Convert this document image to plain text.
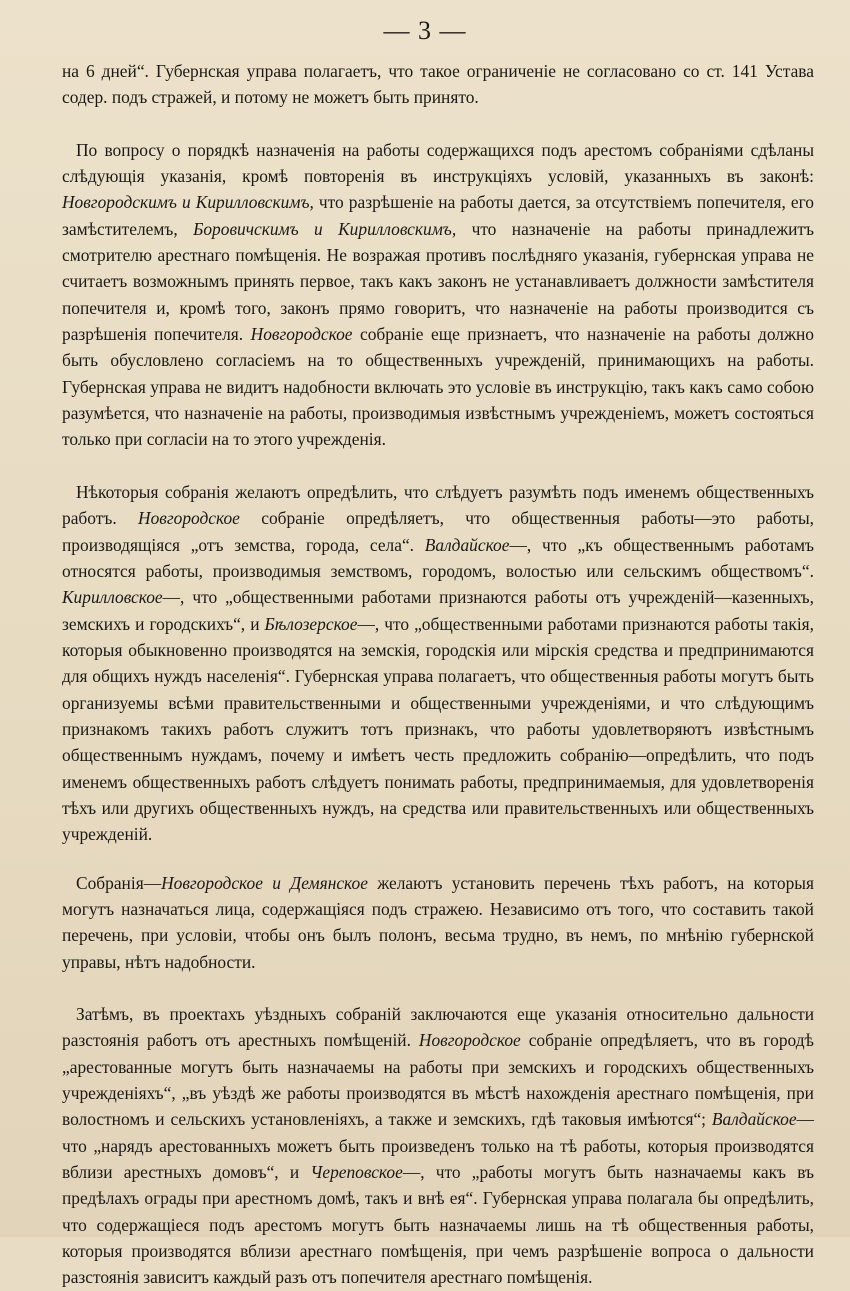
— 3 —

на 6 дней“. Губернская управа полагаетъ, что такое ограниченіе не согласовано со ст. 141 Устава содер. подъ стражей, и потому не можетъ быть принято.

По вопросу о порядкѣ назначенія на работы содержащихся подъ арестомъ собраніями сдѣланы слѣдующія указанія, кромѣ повторенія въ инструкціяхъ условій, указанныхъ въ законѣ: Новгородскимъ и Кирилловскимъ, что разрѣшеніе на работы дается, за отсутствіемъ попечителя, его замѣстителемъ, Боровичскимъ и Кирилловскимъ, что назначеніе на работы принадлежитъ смотрителю арестнаго помѣщенія. Не возражая противъ послѣдняго указанія, губернская управа не считаетъ возможнымъ принять первое, такъ какъ законъ не устанавливаетъ должности замѣстителя попечителя и, кромѣ того, законъ прямо говоритъ, что назначеніе на работы производится съ разрѣшенія попечителя. Новгородское собраніе еще признаетъ, что назначеніе на работы должно быть обусловлено согласіемъ на то общественныхъ учрежденій, принимающихъ на работы. Губернская управа не видитъ надобности включать это условіе въ инструкцію, такъ какъ само собою разумѣется, что назначеніе на работы, производимыя извѣстнымъ учрежденіемъ, можетъ состояться только при согласіи на то этого учрежденія.

Нѣкоторыя собранія желаютъ опредѣлить, что слѣдуетъ разумѣть подъ именемъ общественныхъ работъ. Новгородское собраніе опредѣляетъ, что общественныя работы—это работы, производящіяся „отъ земства, города, села“. Валдайское—, что „къ общественнымъ работамъ относятся работы, производимыя земствомъ, городомъ, волостью или сельскимъ обществомъ“. Кирилловское—, что „общественными работами признаются работы отъ учрежденій—казенныхъ, земскихъ и городскихъ“, и Бѣлозерское—, что „общественными работами признаются работы такія, которыя обыкновенно производятся на земскія, городскія или мірскія средства и предпринимаются для общихъ нуждъ населенія“. Губернская управа полагаетъ, что общественныя работы могутъ быть организуемы всѣми правительственными и общественными учрежденіями, и что слѣдующимъ признакомъ такихъ работъ служитъ тотъ признакъ, что работы удовлетворяютъ извѣстнымъ общественнымъ нуждамъ, почему и имѣетъ честь предложить собранію—опредѣлить, что подъ именемъ общественныхъ работъ слѣдуетъ понимать работы, предпринимаемыя, для удовлетворенія тѣхъ или другихъ общественныхъ нуждъ, на средства или правительственныхъ или общественныхъ учрежденій.

Собранія—Новгородское и Демянское желаютъ установить перечень тѣхъ работъ, на которыя могутъ назначаться лица, содержащіяся подъ стражею. Независимо отъ того, что составить такой перечень, при условіи, чтобы онъ былъ полонъ, весьма трудно, въ немъ, по мнѣнію губернской управы, нѣтъ надобности.

Затѣмъ, въ проектахъ уѣздныхъ собраній заключаются еще указанія относительно дальности разстоянія работъ отъ арестныхъ помѣщеній. Новгородское собраніе опредѣляетъ, что въ городѣ „арестованные могутъ быть назначаемы на работы при земскихъ и городскихъ общественныхъ учрежденіяхъ“, „въ уѣздѣ же работы производятся въ мѣстѣ нахожденія арестнаго помѣщенія, при волостномъ и сельскихъ установленіяхъ, а также и земскихъ, гдѣ таковыя имѣются“; Валдайское—что „нарядъ арестованныхъ можетъ быть произведенъ только на тѣ работы, которыя производятся вблизи арестныхъ домовъ“, и Череповское—, что „работы могутъ быть назначаемы какъ въ предѣлахъ ограды при арестномъ домѣ, такъ и внѣ ея“. Губернская управа полагала бы опредѣлить, что содержащіеся подъ арестомъ могутъ быть назначаемы лишь на тѣ общественныя работы, которыя производятся вблизи арестнаго помѣщенія, при чемъ разрѣшеніе вопроса о дальности разстоянія зависитъ каждый разъ отъ попечителя арестнаго помѣщенія.
